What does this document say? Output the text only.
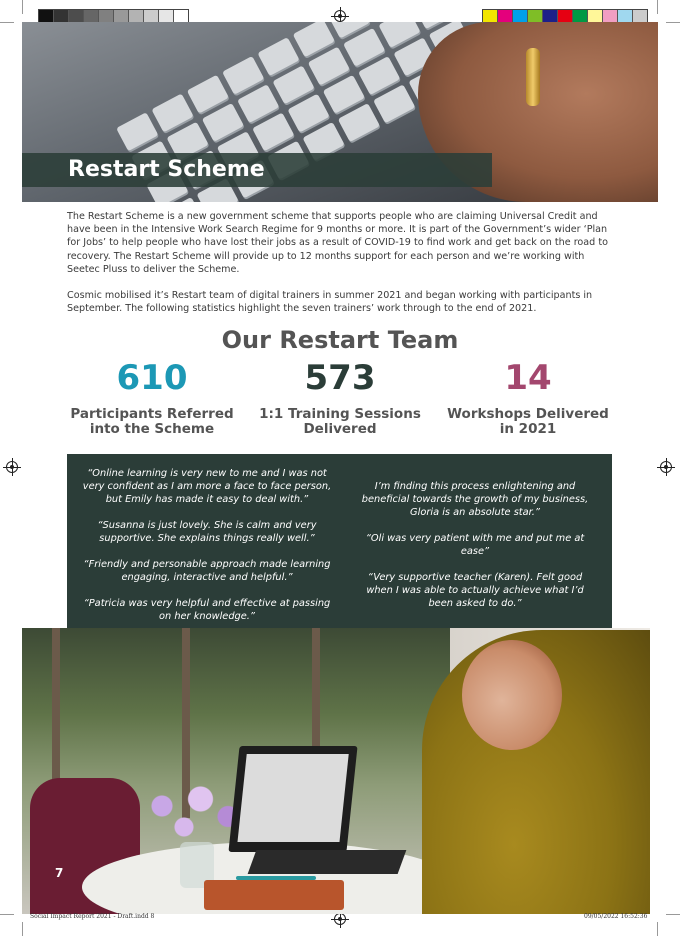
Restart Scheme

The Restart Scheme is a new government scheme that supports people who are claiming Universal Credit and have been in the Intensive Work Search Regime for 9 months or more. It is part of the Government’s wider ‘Plan for Jobs’ to help people who have lost their jobs as a result of COVID-19 to find work and get back on the road to recovery. The Restart Scheme will provide up to 12 months support for each person and we’re working with Seetec Pluss to deliver the Scheme.

Cosmic mobilised it’s Restart team of digital trainers in summer 2021 and began working with participants in September. The following statistics highlight the seven trainers’ work through to the end of 2021.

Our Restart Team
610
Participants Referred
into the Scheme
573
1:1 Training Sessions
Delivered
14
Workshops Delivered
in 2021

“Online learning is very new to me and I was not very confident as I am more a face to face person, but Emily has made it easy to deal with.”

“Susanna is just lovely. She is calm and very supportive. She explains things really well.”

“Friendly and personable approach made learning engaging, interactive and helpful.”

“Patricia was very helpful and effective at passing on her knowledge.”

I’m finding this process enlightening and beneficial towards the growth of my business, Gloria is an absolute star.”

“Oli was very patient with me and put me at ease”

“Very supportive teacher (Karen). Felt good when I was able to actually achieve what I’d been asked to do.”

7
Social Impact Report 2021 - Draft.indd 8	09/05/2022 16:52:36
